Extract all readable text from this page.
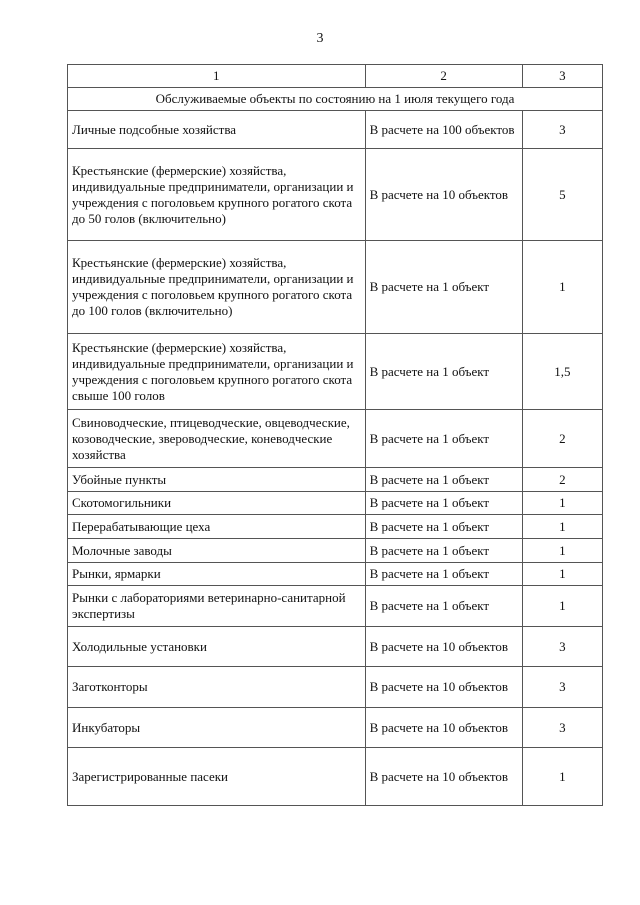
3
1	2	3
Обслуживаемые объекты по состоянию на 1 июля текущего года		
Личные подсобные хозяйства	В расчете на 100 объектов	3
Крестьянские (фермерские) хозяйства, индивидуальные предприниматели, организации и учреждения с поголовьем крупного рогатого скота до 50 голов (включительно)	В расчете на 10 объектов	5
Крестьянские (фермерские) хозяйства, индивидуальные предприниматели, организации и учреждения с поголовьем крупного рогатого скота до 100 голов (включительно)	В расчете на 1 объект	1
Крестьянские (фермерские) хозяйства, индивидуальные предприниматели, организации и учреждения с поголовьем крупного рогатого скота свыше 100 голов	В расчете на 1 объект	1,5
Свиноводческие, птицеводческие, овцеводческие, козоводческие, звероводческие, коневодческие хозяйства	В расчете на 1 объект	2
Убойные пункты	В расчете на 1 объект	2
Скотомогильники	В расчете на 1 объект	1
Перерабатывающие цеха	В расчете на 1 объект	1
Молочные заводы	В расчете на 1 объект	1
Рынки, ярмарки	В расчете на 1 объект	1
Рынки с лабораториями ветеринарно-санитарной экспертизы	В расчете на 1 объект	1
Холодильные установки	В расчете на 10 объектов	3
Заготконторы	В расчете на 10 объектов	3
Инкубаторы	В расчете на 10 объектов	3
Зарегистрированные пасеки	В расчете на 10 объектов	1
